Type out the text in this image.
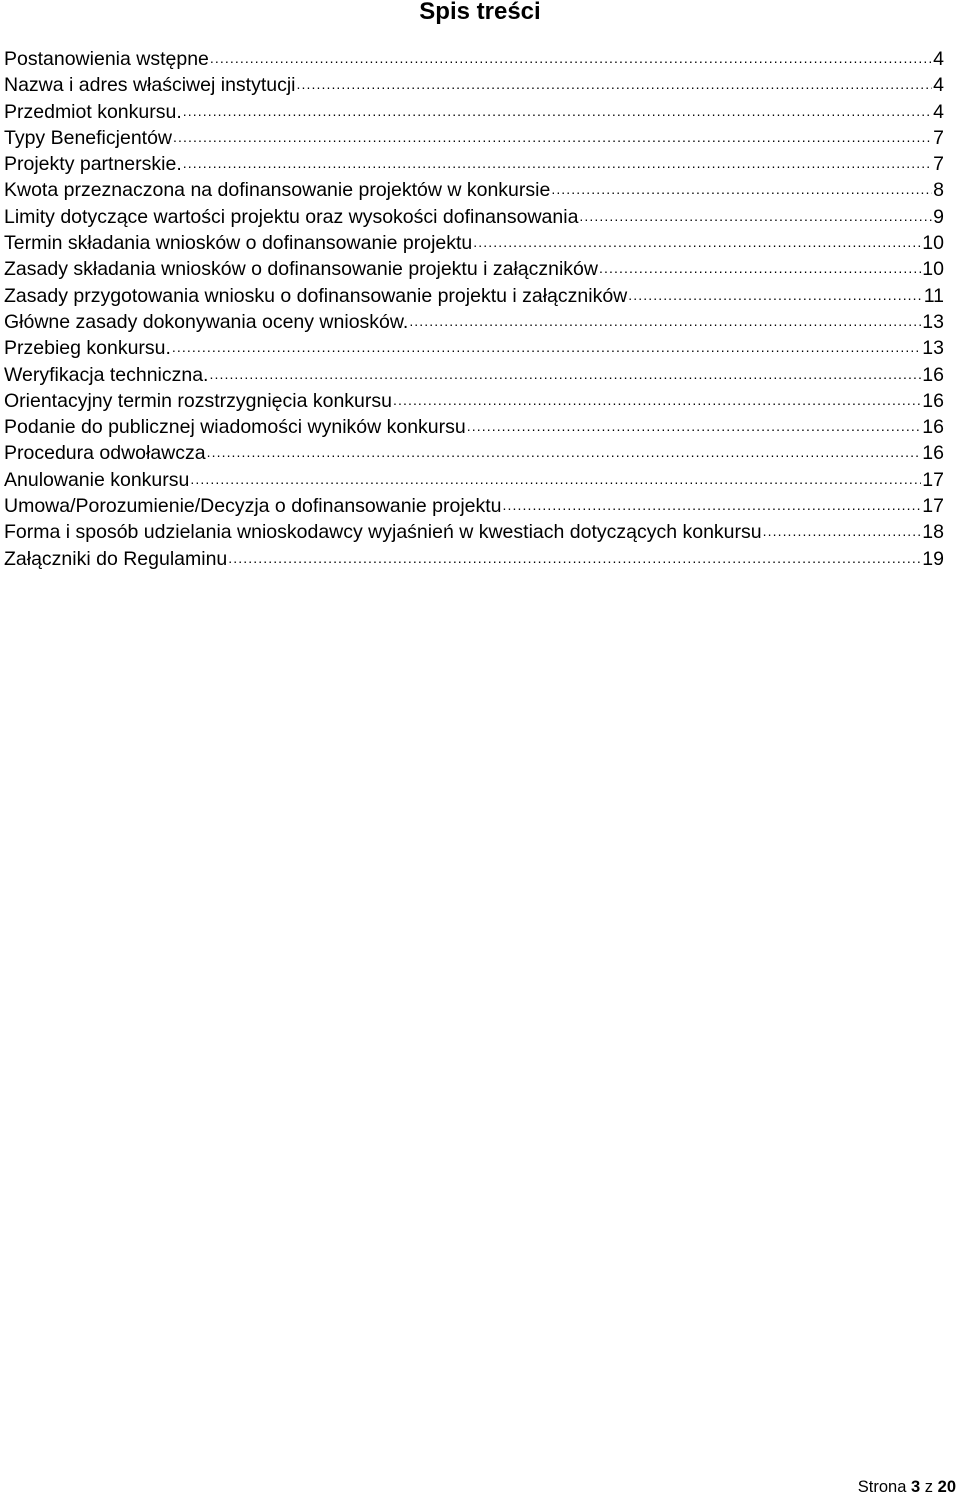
Spis treści
Postanowienia wstępne .....	4
Nazwa i adres właściwej instytucji .....	4
Przedmiot konkursu. .....	4
Typy Beneficjentów .....	7
Projekty partnerskie. .....	7
Kwota przeznaczona na dofinansowanie projektów w konkursie .....	8
Limity dotyczące wartości projektu oraz wysokości dofinansowania .....	9
Termin składania wniosków o dofinansowanie projektu .....	10
Zasady składania wniosków o dofinansowanie projektu i załączników .....	10
Zasady przygotowania wniosku o dofinansowanie projektu i załączników .....	11
Główne zasady dokonywania oceny wniosków. .....	13
Przebieg konkursu. .....	13
Weryfikacja techniczna. .....	16
Orientacyjny termin rozstrzygnięcia konkursu .....	16
Podanie do publicznej wiadomości wyników konkursu .....	16
Procedura odwoławcza .....	16
Anulowanie konkursu .....	17
Umowa/Porozumienie/Decyzja o dofinansowanie projektu .....	17
Forma i sposób udzielania wnioskodawcy wyjaśnień w kwestiach dotyczących konkursu .....	18
Załączniki do Regulaminu .....	19
Strona 3 z 20
